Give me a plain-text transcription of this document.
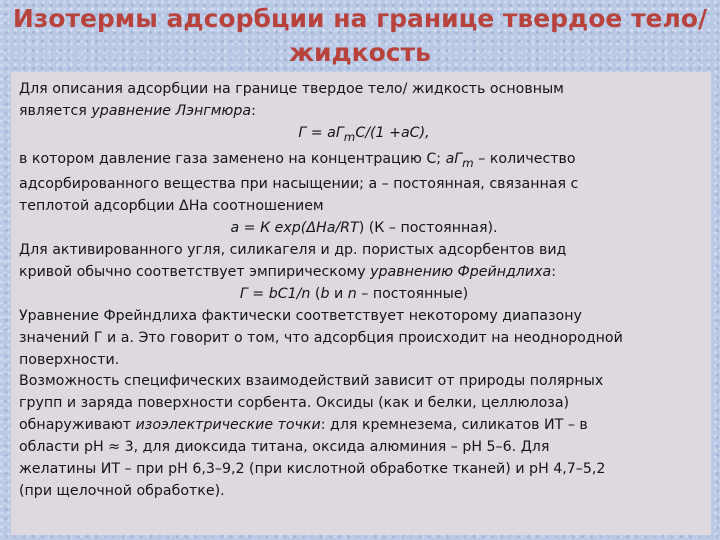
Изотермы адсорбции на границе твердое тело/
жидкость
Для описания адсорбции на границе твердое тело/ жидкость основным
является уравнение Лэнгмюра:
$Г = аГ_mС/(1 +аС)$,
в котором давление газа заменено на концентрацию С; $аГ_m$ – количество
адсорбированного вещества при насыщении; а – постоянная, связанная с
теплотой адсорбции ΔНа соотношением
а = К exp(ΔНа/RT) (К – постоянная).
Для активированного угля, силикагеля и др. пористых адсорбентов вид
кривой обычно соответствует эмпирическому уравнению Фрейндлиха:
Г = bС1/n (b и n – постоянные)
Уравнение Фрейндлиха фактически соответствует некоторому диапазону
значений Г и а. Это говорит о том, что адсорбция происходит на неоднородной
поверхности.
Возможность специфических взаимодействий зависит от природы полярных
групп и заряда поверхности сорбента. Оксиды (как и белки, целлюлоза)
обнаруживают изоэлектрические точки: для кремнезема, силикатов ИТ – в
области рН ≈ 3, для диоксида титана, оксида алюминия – рН 5–6. Для
желатины ИТ – при рН 6,3–9,2 (при кислотной обработке тканей) и рН 4,7–5,2
(при щелочной обработке).
